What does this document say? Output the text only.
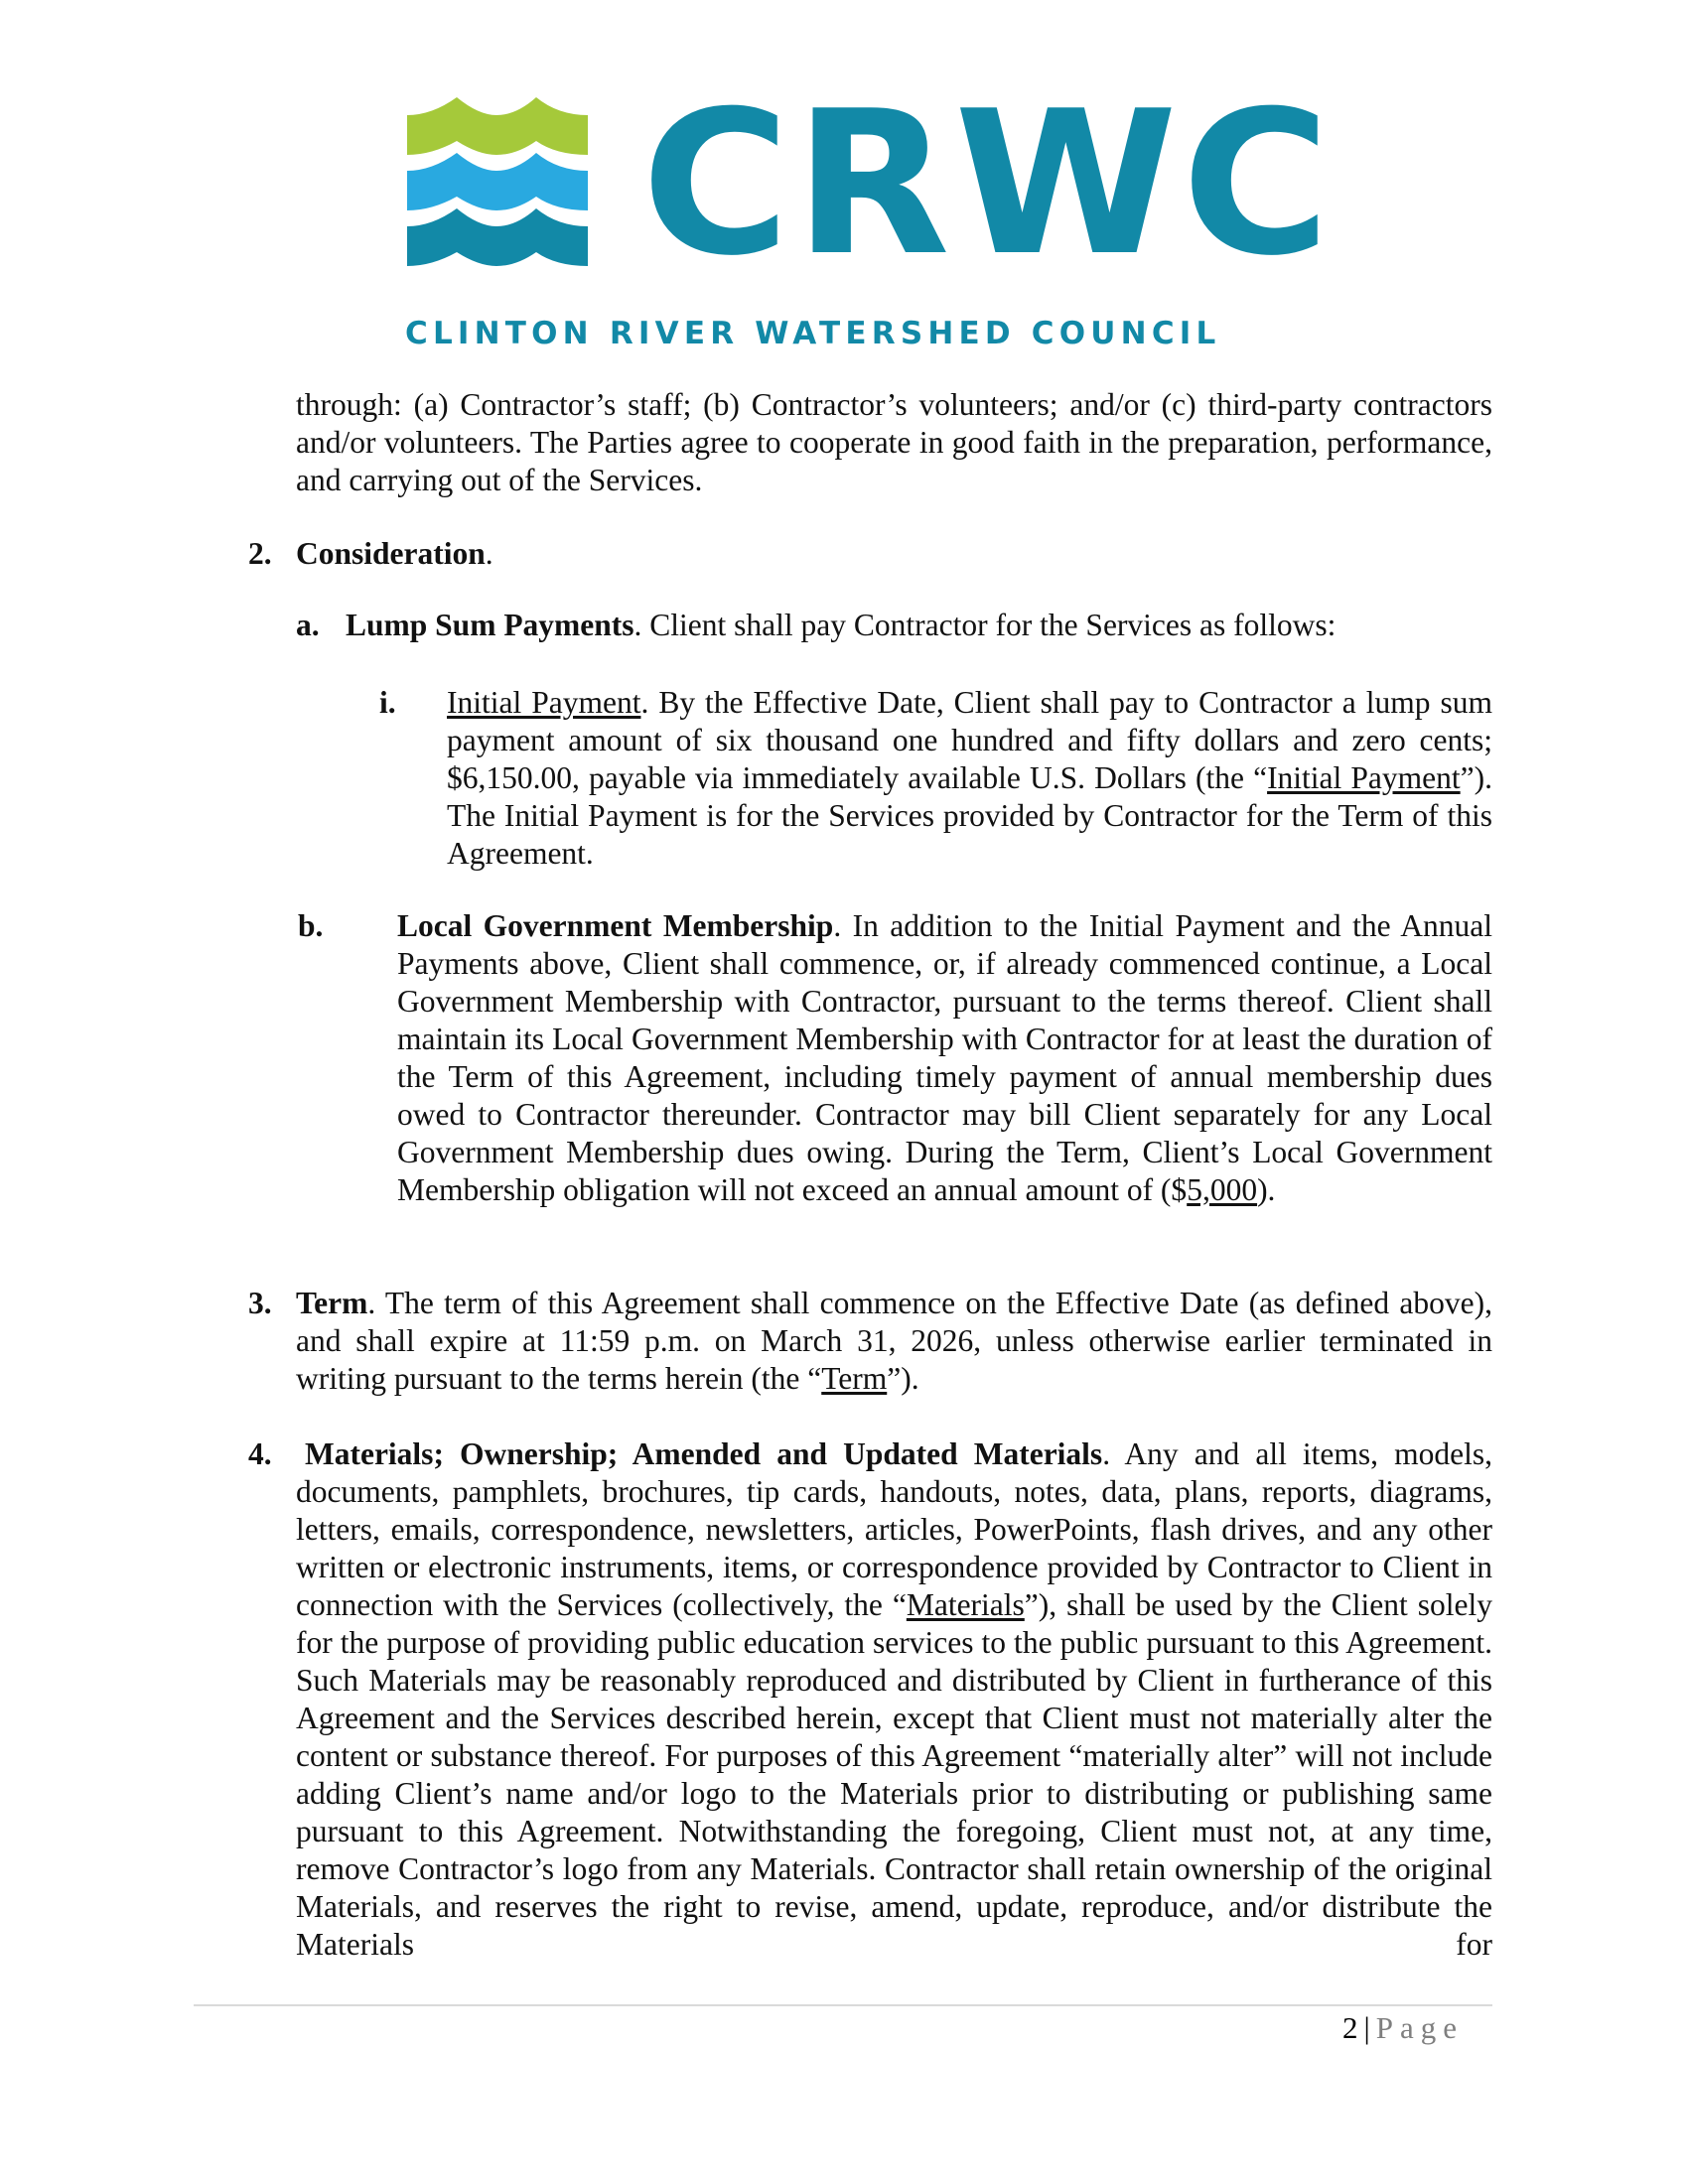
CRWC
CLINTON RIVER WATERSHED COUNCIL
through: (a) Contractor’s staff; (b) Contractor’s volunteers; and/or (c) third-party contractors and/or volunteers. The Parties agree to cooperate in good faith in the preparation, performance, and carrying out of the Services.
2. Consideration.
a. Lump Sum Payments. Client shall pay Contractor for the Services as follows:
i. Initial Payment. By the Effective Date, Client shall pay to Contractor a lump sum payment amount of six thousand one hundred and fifty dollars and zero cents; $6,150.00, payable via immediately available U.S. Dollars (the “Initial Payment”). The Initial Payment is for the Services provided by Contractor for the Term of this Agreement.
b. Local Government Membership. In addition to the Initial Payment and the Annual Payments above, Client shall commence, or, if already commenced continue, a Local Government Membership with Contractor, pursuant to the terms thereof. Client shall maintain its Local Government Membership with Contractor for at least the duration of the Term of this Agreement, including timely payment of annual membership dues owed to Contractor thereunder. Contractor may bill Client separately for any Local Government Membership dues owing. During the Term, Client’s Local Government Membership obligation will not exceed an annual amount of ($5,000).
3. Term. The term of this Agreement shall commence on the Effective Date (as defined above), and shall expire at 11:59 p.m. on March 31, 2026, unless otherwise earlier terminated in writing pursuant to the terms herein (the “Term”).
4. Materials; Ownership; Amended and Updated Materials. Any and all items, models, documents, pamphlets, brochures, tip cards, handouts, notes, data, plans, reports, diagrams, letters, emails, correspondence, newsletters, articles, PowerPoints, flash drives, and any other written or electronic instruments, items, or correspondence provided by Contractor to Client in connection with the Services (collectively, the “Materials”), shall be used by the Client solely for the purpose of providing public education services to the public pursuant to this Agreement. Such Materials may be reasonably reproduced and distributed by Client in furtherance of this Agreement and the Services described herein, except that Client must not materially alter the content or substance thereof. For purposes of this Agreement “materially alter” will not include adding Client’s name and/or logo to the Materials prior to distributing or publishing same pursuant to this Agreement. Notwithstanding the foregoing, Client must not, at any time, remove Contractor’s logo from any Materials. Contractor shall retain ownership of the original Materials, and reserves the right to revise, amend, update, reproduce, and/or distribute the Materials for
2 | Page
